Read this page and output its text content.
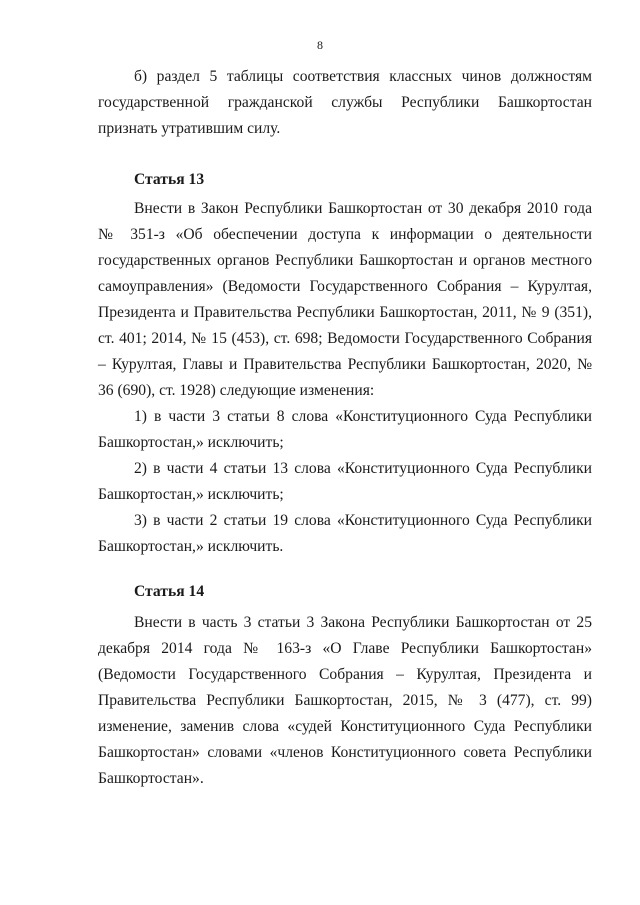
8

б) раздел 5 таблицы соответствия классных чинов должностям государственной гражданской службы Республики Башкортостан признать утратившим силу.

Статья 13

Внести в Закон Республики Башкортостан от 30 декабря 2010 года № 351-з «Об обеспечении доступа к информации о деятельности государственных органов Республики Башкортостан и органов местного самоуправления» (Ведомости Государственного Собрания – Курултая, Президента и Правительства Республики Башкортостан, 2011, № 9 (351), ст. 401; 2014, № 15 (453), ст. 698; Ведомости Государственного Собрания – Курултая, Главы и Правительства Республики Башкортостан, 2020, № 36 (690), ст. 1928) следующие изменения:

1) в части 3 статьи 8 слова «Конституционного Суда Республики Башкортостан,» исключить;

2) в части 4 статьи 13 слова «Конституционного Суда Республики Башкортостан,» исключить;

3) в части 2 статьи 19 слова «Конституционного Суда Республики Башкортостан,» исключить.

Статья 14

Внести в часть 3 статьи 3 Закона Республики Башкортостан от 25 декабря 2014 года № 163-з «О Главе Республики Башкортостан» (Ведомости Государственного Собрания – Курултая, Президента и Правительства Республики Башкортостан, 2015, № 3 (477), ст. 99) изменение, заменив слова «судей Конституционного Суда Республики Башкортостан» словами «членов Конституционного совета Республики Башкортостан».
